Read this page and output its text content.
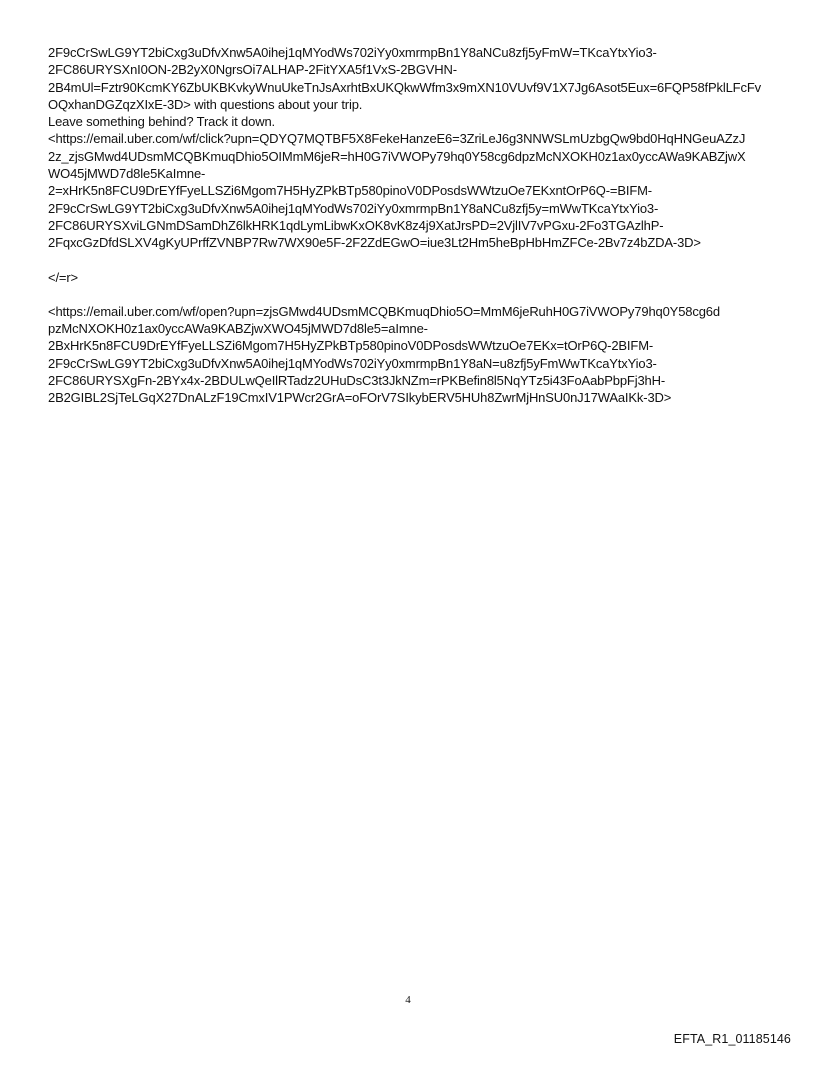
2F9cCrSwLG9YT2biCxg3uDfvXnw5A0ihej1qMYodWs702iYy0xmrmpBn1Y8aNCu8zfj5yFmW=TKcaYtxYio3-
2FC86URYSXnI0ON-2B2yX0NgrsOi7ALHAP-2FitYXA5f1VxS-2BGVHN-
2B4mUl=Fztr90KcmKY6ZbUKBKvkyWnuUkeTnJsAxrhtBxUKQkwWfm3x9mXN10VUvf9V1X7Jg6Asot5Eux=6FQP58fPklLFcFv
OQxhanDGZqzXIxE-3D> with questions about your trip.
Leave something behind? Track it down.
<https://email.uber.com/wf/click?upn=QDYQ7MQTBF5X8FekeHanzeE6=3ZriLeJ6g3NNWSLmUzbgQw9bd0HqHNGeuAZzJ
2z_zjsGMwd4UDsmMCQBKmuqDhio5OIMmM6jeR=hH0G7iVWOPy79hq0Y58cg6dpzMcNXOKH0z1ax0yccAWa9KABZjwX
WO45jMWD7d8le5KaImne-
2=xHrK5n8FCU9DrEYfFyeLLSZi6Mgom7H5HyZPkBTp580pinoV0DPosdsWWtzuOe7EKxntOrP6Q-=BIFM-
2F9cCrSwLG9YT2biCxg3uDfvXnw5A0ihej1qMYodWs702iYy0xmrmpBn1Y8aNCu8zfj5y=mWwTKcaYtxYio3-
2FC86URYSXviLGNmDSamDhZ6lkHRK1qdLymLibwKxOK8vK8z4j9XatJrsPD=2VjlIV7vPGxu-2Fo3TGAzlhP-
2FqxcGzDfdSLXV4gKyUPrffZVNBP7Rw7WX90e5F-2F2ZdEGwO=iue3Lt2Hm5heBpHbHmZFCe-2Bv7z4bZDA-3D>
</=r>
<https://email.uber.com/wf/open?upn=zjsGMwd4UDsmMCQBKmuqDhio5O=MmM6jeRuhH0G7iVWOPy79hq0Y58cg6d
pzMcNXOKH0z1ax0yccAWa9KABZjwXWO45jMWD7d8le5=aImne-
2BxHrK5n8FCU9DrEYfFyeLLSZi6Mgom7H5HyZPkBTp580pinoV0DPosdsWWtzuOe7EKx=tOrP6Q-2BIFM-
2F9cCrSwLG9YT2biCxg3uDfvXnw5A0ihej1qMYodWs702iYy0xmrmpBn1Y8aN=u8zfj5yFmWwTKcaYtxYio3-
2FC86URYSXgFn-2BYx4x-2BDULwQeIlRTadz2UHuDsC3t3JkNZm=rPKBefin8l5NqYTz5i43FoAabPbpFj3hH-
2B2GIBL2SjTeLGqX27DnALzF19CmxIV1PWcr2GrA=oFOrV7SIkybERV5HUh8ZwrMjHnSU0nJ17WAaIKk-3D>
4
EFTA_R1_01185146
